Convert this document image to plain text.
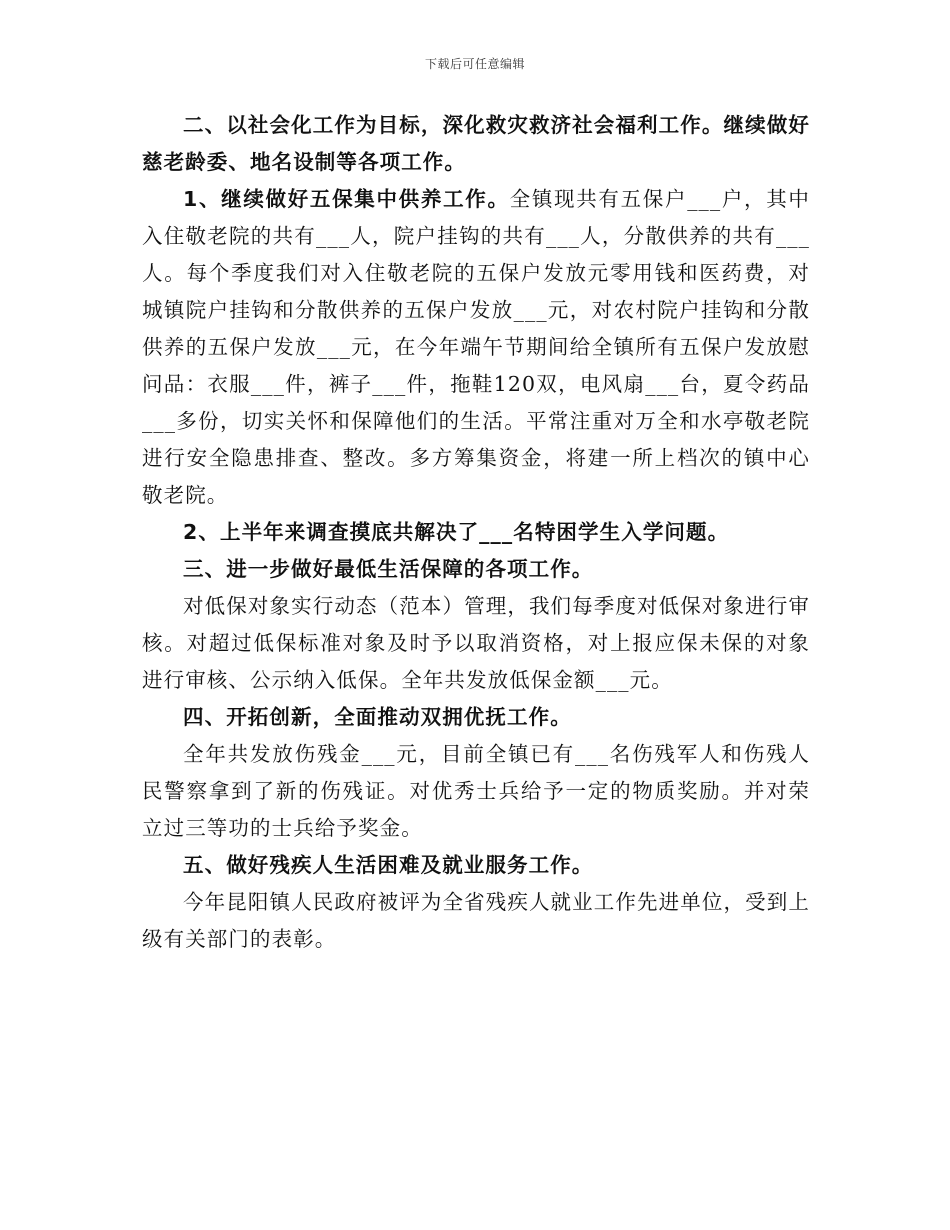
下载后可任意编辑

二、以社会化工作为目标，深化救灾救济社会福利工作。继续做好慈老龄委、地名设制等各项工作。

1、继续做好五保集中供养工作。全镇现共有五保户___户，其中入住敬老院的共有___人，院户挂钩的共有___人，分散供养的共有___人。每个季度我们对入住敬老院的五保户发放元零用钱和医药费，对城镇院户挂钩和分散供养的五保户发放___元，对农村院户挂钩和分散供养的五保户发放___元，在今年端午节期间给全镇所有五保户发放慰问品：衣服___件，裤子___件，拖鞋120双，电风扇___台，夏令药品___多份，切实关怀和保障他们的生活。平常注重对万全和水亭敬老院进行安全隐患排查、整改。多方筹集资金，将建一所上档次的镇中心敬老院。

2、上半年来调查摸底共解决了___名特困学生入学问题。

三、进一步做好最低生活保障的各项工作。

对低保对象实行动态（范本）管理，我们每季度对低保对象进行审核。对超过低保标准对象及时予以取消资格，对上报应保未保的对象进行审核、公示纳入低保。全年共发放低保金额___元。

四、开拓创新，全面推动双拥优抚工作。

全年共发放伤残金___元，目前全镇已有___名伤残军人和伤残人民警察拿到了新的伤残证。对优秀士兵给予一定的物质奖励。并对荣立过三等功的士兵给予奖金。

五、做好残疾人生活困难及就业服务工作。

今年昆阳镇人民政府被评为全省残疾人就业工作先进单位，受到上级有关部门的表彰。
